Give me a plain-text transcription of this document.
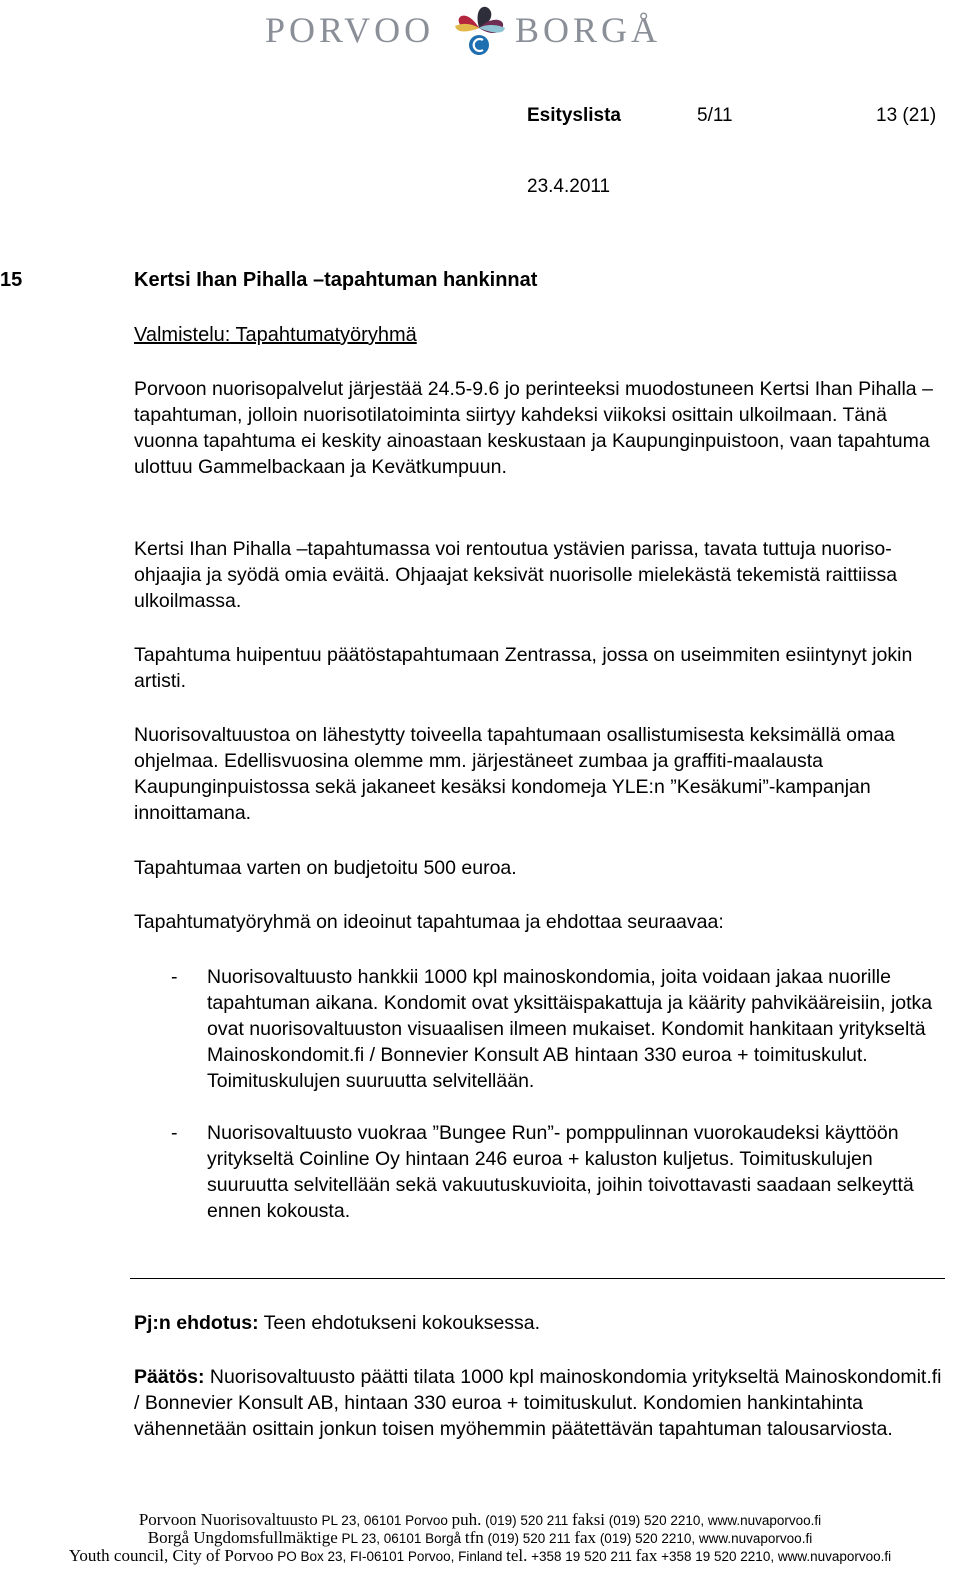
PORVOO BORGÅ
Esityslista	5/11	13 (21)
23.4.2011
15	Kertsi Ihan Pihalla –tapahtuman hankinnat
Valmistelu: Tapahtumatyöryhmä
Porvoon nuorisopalvelut järjestää 24.5-9.6 jo perinteeksi muodostuneen Kertsi Ihan Pihalla –tapahtuman, jolloin nuorisotilatoiminta siirtyy kahdeksi viikoksi osittain ulkoilmaan. Tänä vuonna tapahtuma ei keskity ainoastaan keskustaan ja Kaupunginpuistoon, vaan tapahtuma ulottuu Gammelbackaan ja Kevätkumpuun.
Kertsi Ihan Pihalla –tapahtumassa voi rentoutua ystävien parissa, tavata tuttuja nuoriso-ohjaajia ja syödä omia eväitä. Ohjaajat keksivät nuorisolle mielekästä tekemistä raittiissa ulkoilmassa.
Tapahtuma huipentuu päätöstapahtumaan Zentrassa, jossa on useimmiten esiintynyt jokin artisti.
Nuorisovaltuustoa on lähestytty toiveella tapahtumaan osallistumisesta keksimällä omaa ohjelmaa. Edellisvuosina olemme mm. järjestäneet zumbaa ja graffiti-maalausta Kaupunginpuistossa sekä jakaneet kesäksi kondomeja YLE:n ”Kesäkumi”-kampanjan innoittamana.
Tapahtumaa varten on budjetoitu 500 euroa.
Tapahtumatyöryhmä on ideoinut tapahtumaa ja ehdottaa seuraavaa:
- Nuorisovaltuusto hankkii 1000 kpl mainoskondomia, joita voidaan jakaa nuorille tapahtuman aikana. Kondomit ovat yksittäispakattuja ja käärity pahvikääreisiin, jotka ovat nuorisovaltuuston visuaalisen ilmeen mukaiset. Kondomit hankitaan yritykseltä Mainoskondomit.fi / Bonnevier Konsult AB hintaan 330 euroa + toimituskulut. Toimituskulujen suuruutta selvitellään.
- Nuorisovaltuusto vuokraa ”Bungee Run”- pomppulinnan vuorokaudeksi käyttöön yritykseltä Coinline Oy hintaan 246 euroa + kaluston kuljetus. Toimituskulujen suuruutta selvitellään sekä vakuutuskuvioita, joihin toivottavasti saadaan selkeyttä ennen kokousta.
Pj:n ehdotus: Teen ehdotukseni kokouksessa.
Päätös: Nuorisovaltuusto päätti tilata 1000 kpl mainoskondomia yritykseltä Mainoskondomit.fi / Bonnevier Konsult AB, hintaan 330 euroa + toimituskulut. Kondomien hankintahinta vähennetään osittain jonkun toisen myöhemmin päätettävän tapahtuman talousarviosta.
Porvoon Nuorisovaltuusto PL 23, 06101 Porvoo puh. (019) 520 211 faksi (019) 520 2210, www.nuvaporvoo.fi
Borgå Ungdomsfullmäktige PL 23, 06101 Borgå tfn (019) 520 211 fax (019) 520 2210, www.nuvaporvoo.fi
Youth council, City of Porvoo PO Box 23, FI-06101 Porvoo, Finland tel. +358 19 520 211 fax +358 19 520 2210, www.nuvaporvoo.fi
